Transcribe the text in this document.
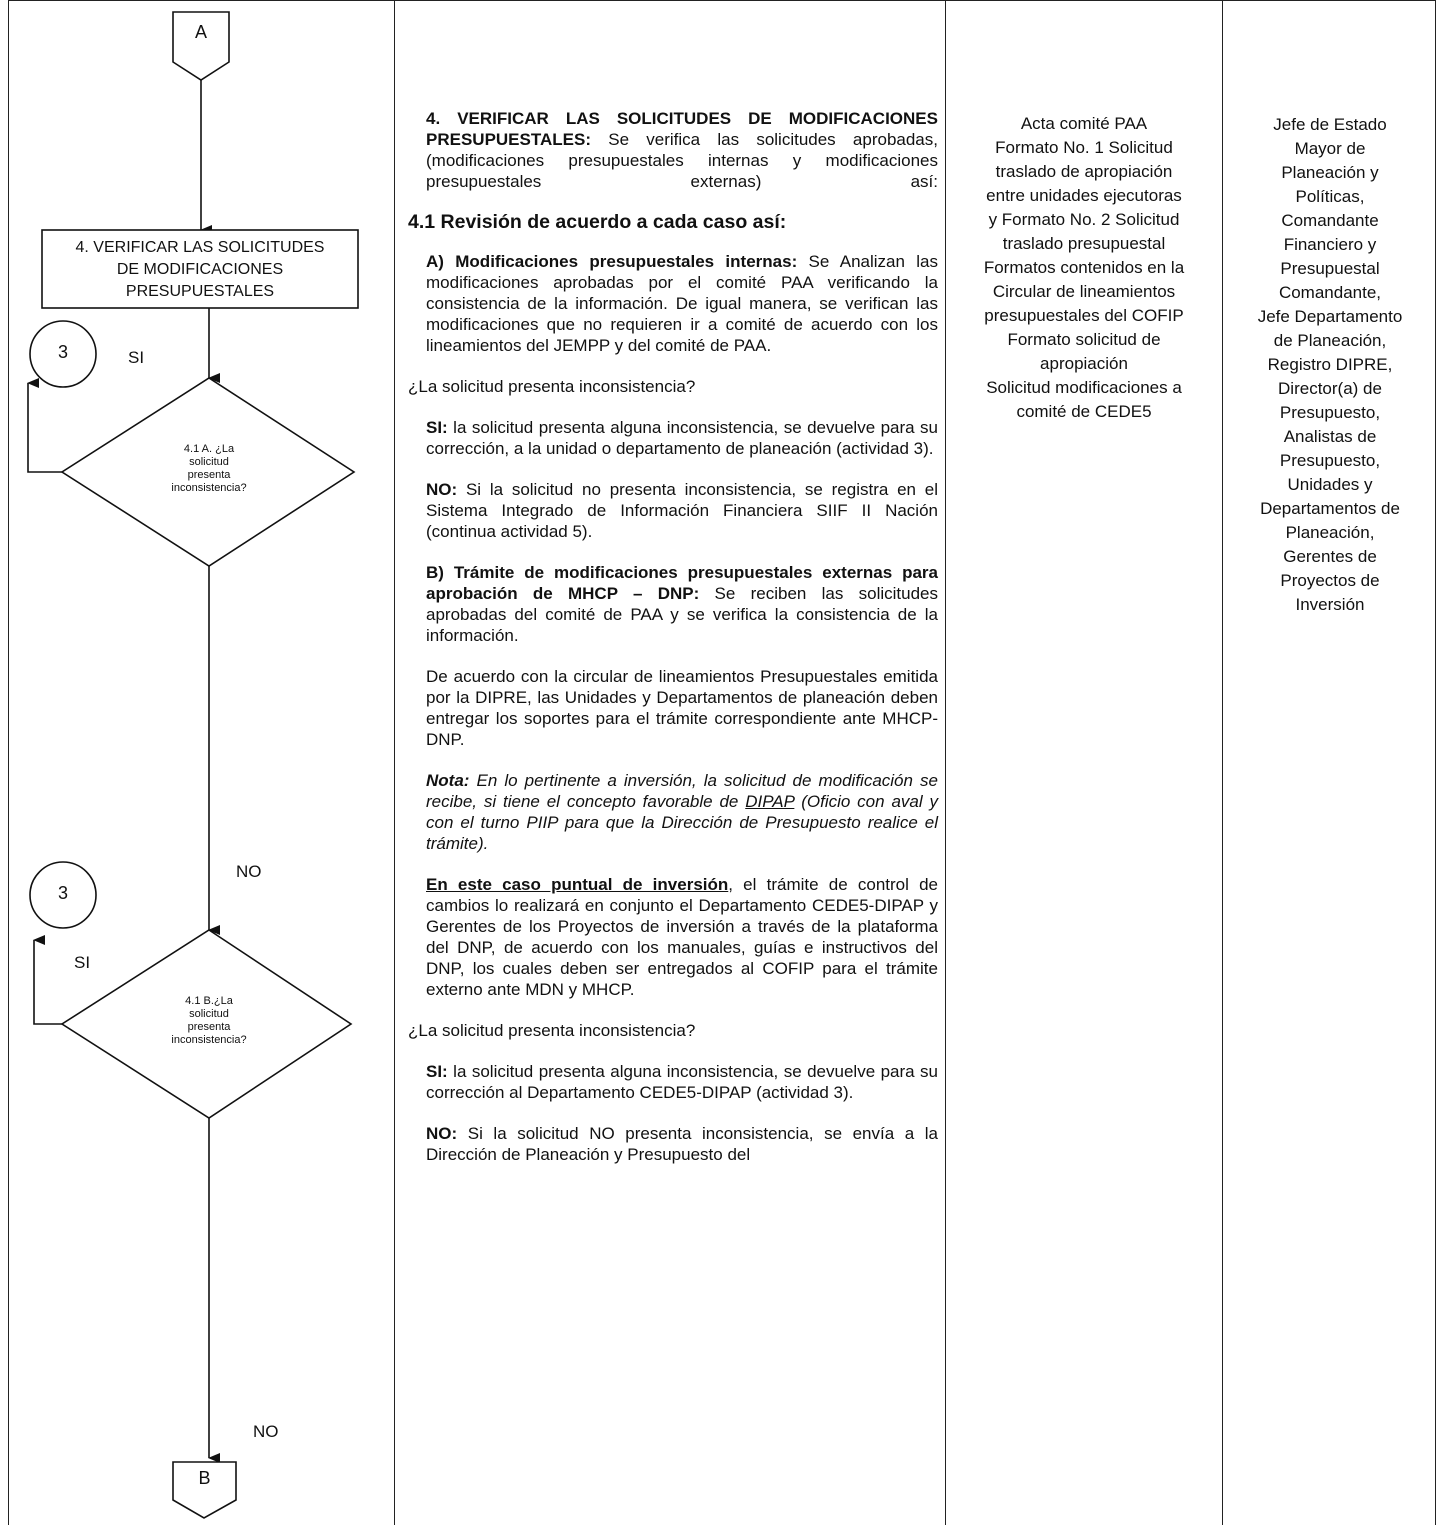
A
4. VERIFICAR LAS SOLICITUDES
DE MODIFICACIONES
PRESUPUESTALES
3	SI
4.1 A. ¿La
solicitud
presenta
inconsistencia?
NO
3
SI
4.1 B.¿La
solicitud
presenta
inconsistencia?
NO
B

4. VERIFICAR LAS SOLICITUDES DE MODIFICACIONES PRESUPUESTALES: Se verifica las solicitudes aprobadas, (modificaciones presupuestales internas y modificaciones presupuestales externas) así:

4.1 Revisión de acuerdo a cada caso así:

A) Modificaciones presupuestales internas: Se Analizan las modificaciones aprobadas por el comité PAA verificando la consistencia de la información. De igual manera, se verifican las modificaciones que no requieren ir a comité de acuerdo con los lineamientos del JEMPP y del comité de PAA.

¿La solicitud presenta inconsistencia?

SI: la solicitud presenta alguna inconsistencia, se devuelve para su corrección, a la unidad o departamento de planeación (actividad 3).

NO: Si la solicitud no presenta inconsistencia, se registra en el Sistema Integrado de Información Financiera SIIF II Nación (continua actividad 5).

B) Trámite de modificaciones presupuestales externas para aprobación de MHCP – DNP: Se reciben las solicitudes aprobadas del comité de PAA y se verifica la consistencia de la información.

De acuerdo con la circular de lineamientos Presupuestales emitida por la DIPRE, las Unidades y Departamentos de planeación deben entregar los soportes para el trámite correspondiente ante MHCP-DNP.

Nota: En lo pertinente a inversión, la solicitud de modificación se recibe, si tiene el concepto favorable de DIPAP (Oficio con aval y con el turno PIIP para que la Dirección de Presupuesto realice el trámite).

En este caso puntual de inversión, el trámite de control de cambios lo realizará en conjunto el Departamento CEDE5-DIPAP y Gerentes de los Proyectos de inversión a través de la plataforma del DNP, de acuerdo con los manuales, guías e instructivos del DNP, los cuales deben ser entregados al COFIP para el trámite externo ante MDN y MHCP.

¿La solicitud presenta inconsistencia?

SI: la solicitud presenta alguna inconsistencia, se devuelve para su corrección al Departamento CEDE5-DIPAP (actividad 3).

NO: Si la solicitud NO presenta inconsistencia, se envía a la Dirección de Planeación y Presupuesto del

Acta comité PAA
Formato No. 1 Solicitud
traslado de apropiación
entre unidades ejecutoras
y Formato No. 2 Solicitud
traslado presupuestal
Formatos contenidos en la
Circular de lineamientos
presupuestales del COFIP
Formato solicitud de
apropiación
Solicitud modificaciones a
comité de CEDE5
Jefe de Estado
Mayor de
Planeación y
Políticas,
Comandante
Financiero y
Presupuestal
Comandante,
Jefe Departamento
de Planeación,
Registro DIPRE,
Director(a) de
Presupuesto,
Analistas de
Presupuesto,
Unidades y
Departamentos de
Planeación,
Gerentes de
Proyectos de
Inversión
